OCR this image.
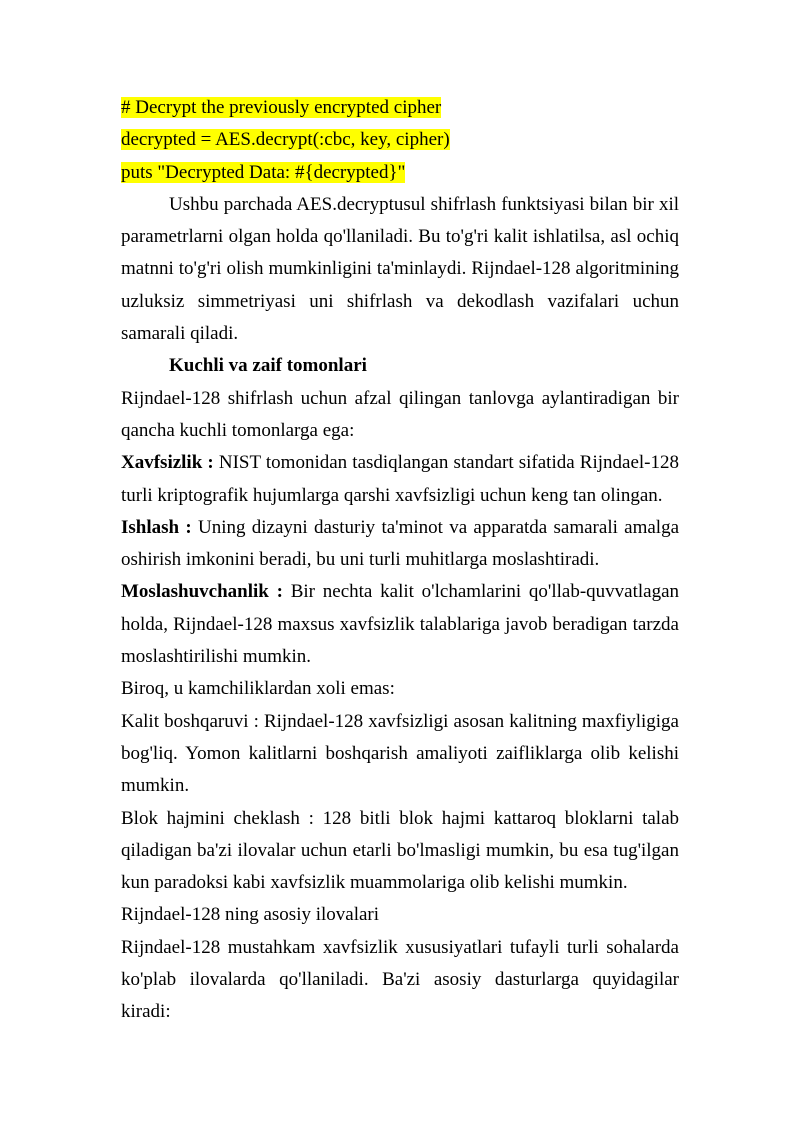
# Decrypt the previously encrypted cipher
decrypted = AES.decrypt(:cbc, key, cipher)
puts "Decrypted Data: #{decrypted}"

Ushbu parchada AES.decryptusul shifrlash funktsiyasi bilan bir xil parametrlarni olgan holda qo'llaniladi. Bu to'g'ri kalit ishlatilsa, asl ochiq matnni to'g'ri olish mumkinligini ta'minlaydi. Rijndael-128 algoritmining uzluksiz simmetriyasi uni shifrlash va dekodlash vazifalari uchun samarali qiladi.

Kuchli va zaif tomonlari

Rijndael-128 shifrlash uchun afzal qilingan tanlovga aylantiradigan bir qancha kuchli tomonlarga ega:

Xavfsizlik : NIST tomonidan tasdiqlangan standart sifatida Rijndael-128 turli kriptografik hujumlarga qarshi xavfsizligi uchun keng tan olingan.

Ishlash : Uning dizayni dasturiy ta'minot va apparatda samarali amalga oshirish imkonini beradi, bu uni turli muhitlarga moslashtiradi.

Moslashuvchanlik : Bir nechta kalit o'lchamlarini qo'llab-quvvatlagan holda, Rijndael-128 maxsus xavfsizlik talablariga javob beradigan tarzda moslashtirilishi mumkin.

Biroq, u kamchiliklardan xoli emas:

Kalit boshqaruvi : Rijndael-128 xavfsizligi asosan kalitning maxfiyligiga bog'liq. Yomon kalitlarni boshqarish amaliyoti zaifliklarga olib kelishi mumkin.

Blok hajmini cheklash : 128 bitli blok hajmi kattaroq bloklarni talab qiladigan ba'zi ilovalar uchun etarli bo'lmasligi mumkin, bu esa tug'ilgan kun paradoksi kabi xavfsizlik muammolariga olib kelishi mumkin.

Rijndael-128 ning asosiy ilovalari

Rijndael-128 mustahkam xavfsizlik xususiyatlari tufayli turli sohalarda ko'plab ilovalarda qo'llaniladi. Ba'zi asosiy dasturlarga quyidagilar kiradi:
